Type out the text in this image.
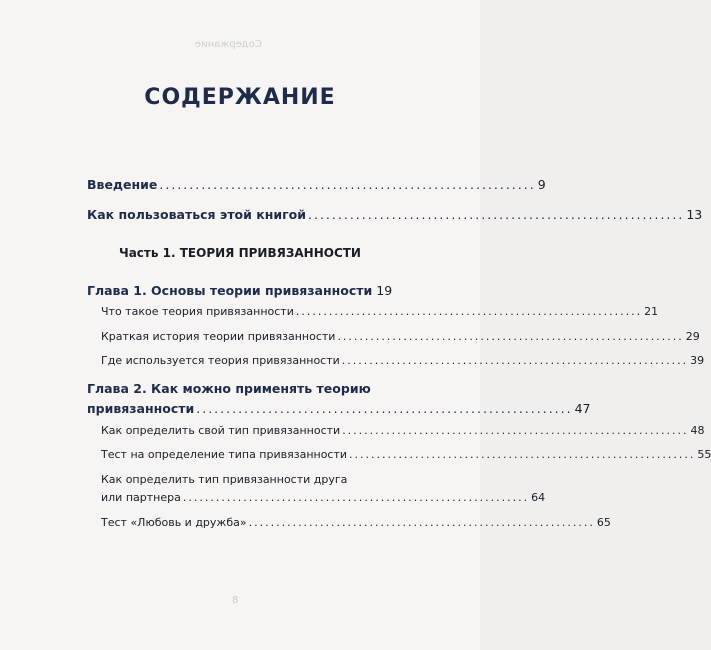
Содержание
СОДЕРЖАНИЕ
Введение ............................................................... 9
Как пользоваться этой книгой ............................................................... 13
Часть 1. ТЕОРИЯ ПРИВЯЗАННОСТИ
Глава 1. Основы теории привязанности 19
Что такое теория привязанности ............................................................... 21
Краткая история теории привязанности ............................................................... 29
Где используется теория привязанности ............................................................... 39
Глава 2. Как можно применять теорию
привязанности ............................................................... 47
Как определить свой тип привязанности ............................................................... 48
Тест на определение типа привязанности ............................................................... 55
Как определить тип привязанности друга
или партнера ............................................................... 64
Тест «Любовь и дружба» ............................................................... 65
8
